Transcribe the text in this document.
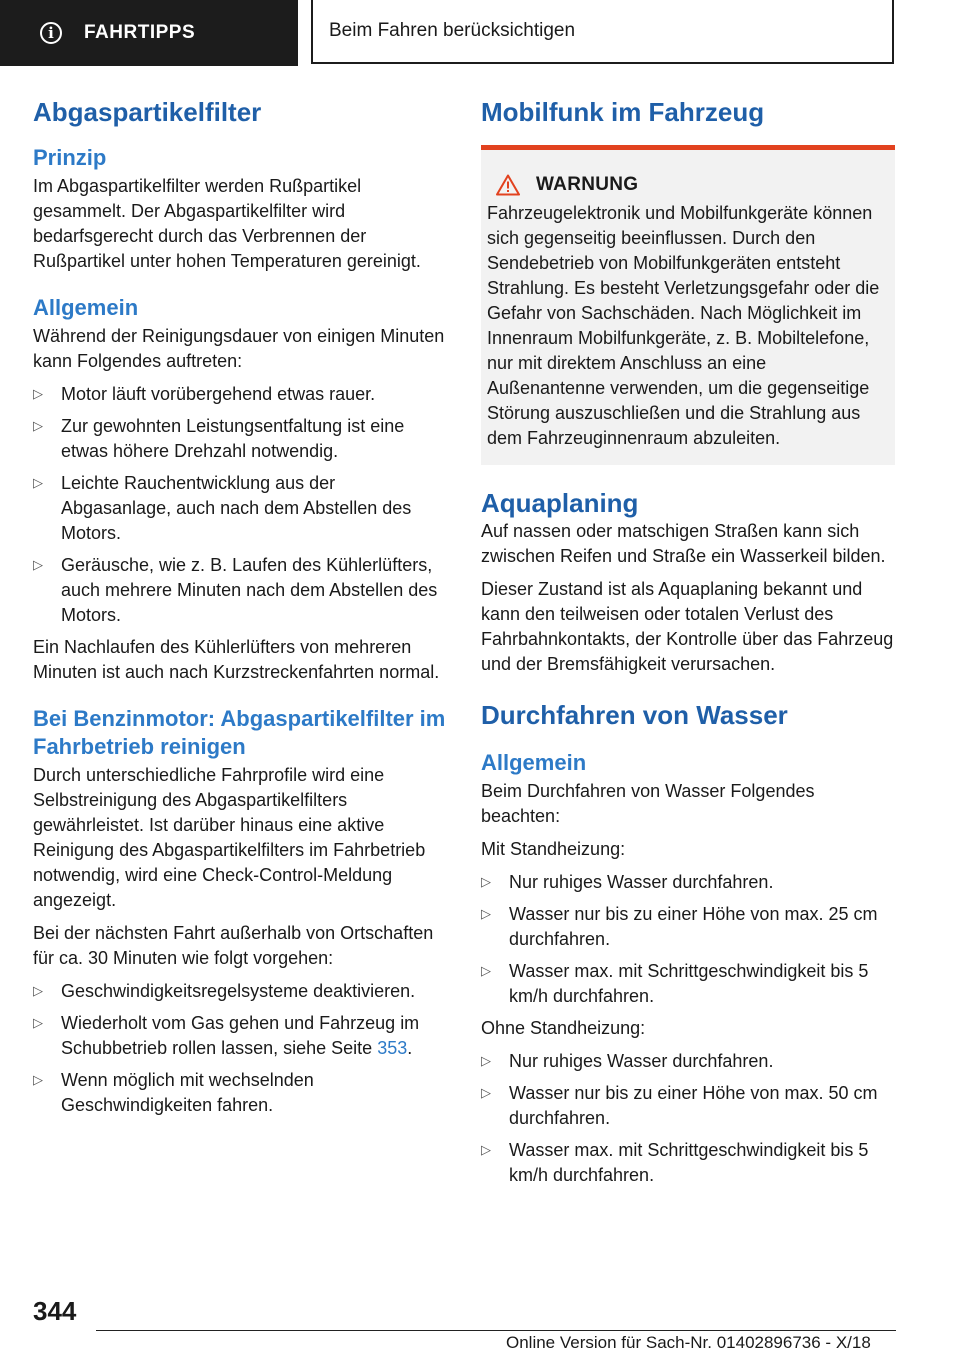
i	FAHRTIPPS	Beim Fahren berücksichtigen
Abgaspartikelfilter
Prinzip

Im Abgaspartikelfilter werden Rußpartikel gesammelt. Der Abgaspartikelfilter wird bedarfsgerecht durch das Verbrennen der Rußpartikel unter hohen Temperaturen gereinigt.

Allgemein

Während der Reinigungsdauer von einigen Minuten kann Folgendes auftreten:

▷ Motor läuft vorübergehend etwas rauer.
▷ Zur gewohnten Leistungsentfaltung ist eine etwas höhere Drehzahl notwendig.
▷ Leichte Rauchentwicklung aus der Abgasanlage, auch nach dem Abstellen des Motors.
▷ Geräusche, wie z. B. Laufen des Kühlerlüfters, auch mehrere Minuten nach dem Abstellen des Motors.

Ein Nachlaufen des Kühlerlüfters von mehreren Minuten ist auch nach Kurzstreckenfahrten normal.

Bei Benzinmotor: Abgaspartikelfilter im Fahrbetrieb reinigen

Durch unterschiedliche Fahrprofile wird eine Selbstreinigung des Abgaspartikelfilters gewährleistet. Ist darüber hinaus eine aktive Reinigung des Abgaspartikelfilters im Fahrbetrieb notwendig, wird eine Check-Control-Meldung angezeigt.

Bei der nächsten Fahrt außerhalb von Ortschaften für ca. 30 Minuten wie folgt vorgehen:

▷ Geschwindigkeitsregelsysteme deaktivieren.
▷ Wiederholt vom Gas gehen und Fahrzeug im Schubbetrieb rollen lassen, siehe Seite 353.
▷ Wenn möglich mit wechselnden Geschwindigkeiten fahren.
Mobilfunk im Fahrzeug
WARNUNG

Fahrzeugelektronik und Mobilfunkgeräte können sich gegenseitig beeinflussen. Durch den Sendebetrieb von Mobilfunkgeräten entsteht Strahlung. Es besteht Verletzungsgefahr oder die Gefahr von Sachschäden. Nach Möglichkeit im Innenraum Mobilfunkgeräte, z. B. Mobiltelefone, nur mit direktem Anschluss an eine Außenantenne verwenden, um die gegenseitige Störung auszuschließen und die Strahlung aus dem Fahrzeuginnenraum abzuleiten.

Aquaplaning

Auf nassen oder matschigen Straßen kann sich zwischen Reifen und Straße ein Wasserkeil bilden.

Dieser Zustand ist als Aquaplaning bekannt und kann den teilweisen oder totalen Verlust des Fahrbahnkontakts, der Kontrolle über das Fahrzeug und der Bremsfähigkeit verursachen.

Durchfahren von Wasser
Allgemein

Beim Durchfahren von Wasser Folgendes beachten:

Mit Standheizung:

▷ Nur ruhiges Wasser durchfahren.
▷ Wasser nur bis zu einer Höhe von max. 25 cm durchfahren.
▷ Wasser max. mit Schrittgeschwindigkeit bis 5 km/h durchfahren.

Ohne Standheizung:

▷ Nur ruhiges Wasser durchfahren.
▷ Wasser nur bis zu einer Höhe von max. 50 cm durchfahren.
▷ Wasser max. mit Schrittgeschwindigkeit bis 5 km/h durchfahren.
344
Online Version für Sach-Nr. 01402896736 - X/18
